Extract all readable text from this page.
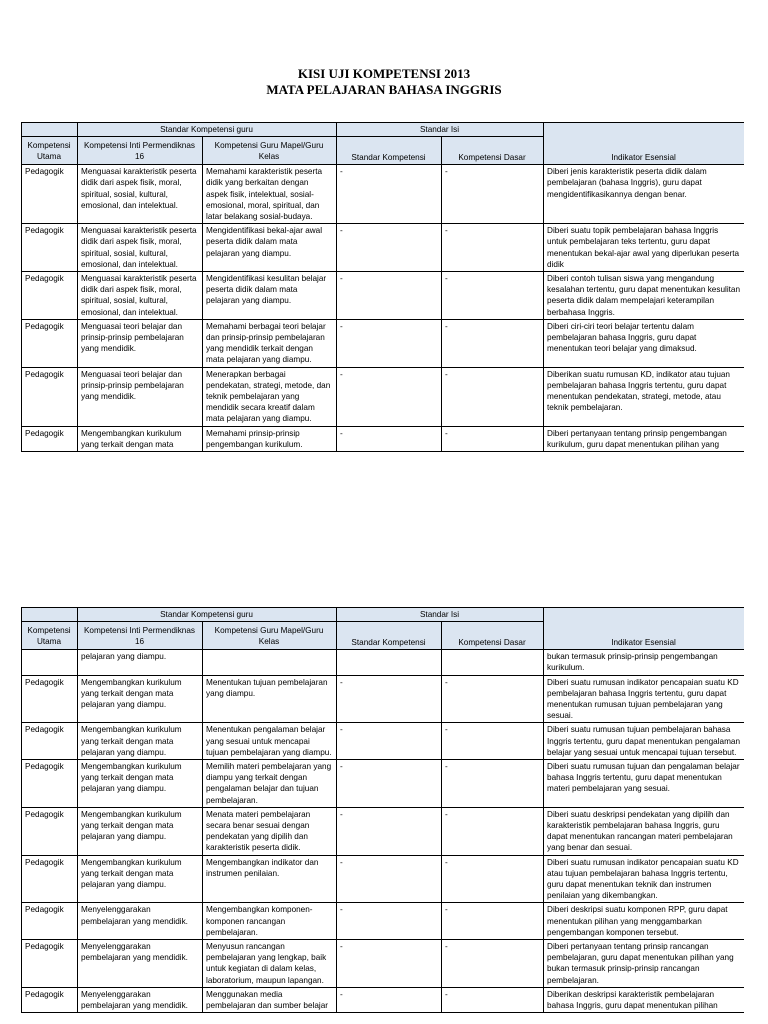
KISI UJI KOMPETENSI 2013
MATA PELAJARAN BAHASA INGGRIS
	Standar Kompetensi guru		Standar Isi		Indikator Esensial
Kompetensi Utama	Kompetensi Inti Permendiknas 16	Kompetensi Guru Mapel/Guru Kelas	Standar Kompetensi	Kompetensi Dasar	
Pedagogik	Menguasai karakteristik peserta didik dari aspek fisik, moral, spiritual, sosial, kultural, emosional, dan intelektual.	Memahami karakteristik peserta didik yang berkaitan dengan aspek fisik, intelektual, sosial-emosional, moral, spiritual, dan latar belakang sosial-budaya.	-	-	Diberi jenis karakteristik peserta didik dalam pembelajaran (bahasa Inggris), guru dapat mengidentifikasikannya dengan benar.
Pedagogik	Menguasai karakteristik peserta didik dari aspek fisik, moral, spiritual, sosial, kultural, emosional, dan intelektual.	Mengidentifikasi bekal-ajar awal peserta didik dalam mata pelajaran yang diampu.	-	-	Diberi suatu topik pembelajaran bahasa Inggris untuk pembelajaran teks tertentu, guru dapat menentukan bekal-ajar awal yang diperlukan peserta didik
Pedagogik	Menguasai karakteristik peserta didik dari aspek fisik, moral, spiritual, sosial, kultural, emosional, dan intelektual.	Mengidentifikasi kesulitan belajar peserta didik dalam mata pelajaran yang diampu.	-	-	Diberi contoh tulisan siswa yang mengandung kesalahan tertentu, guru dapat menentukan kesulitan peserta didik dalam mempelajari keterampilan berbahasa Inggris.
Pedagogik	Menguasai teori belajar dan prinsip-prinsip pembelajaran yang mendidik.	Memahami berbagai teori belajar dan prinsip-prinsip pembelajaran yang mendidik terkait dengan mata pelajaran yang diampu.	-	-	Diberi ciri-ciri teori belajar tertentu dalam pembelajaran bahasa Inggris, guru dapat menentukan teori belajar yang dimaksud.
Pedagogik	Menguasai teori belajar dan prinsip-prinsip pembelajaran yang mendidik.	Menerapkan berbagai pendekatan, strategi, metode, dan teknik pembelajaran yang mendidik secara kreatif dalam mata pelajaran yang diampu.	-	-	Diberikan suatu rumusan KD, indikator atau tujuan pembelajaran bahasa Inggris tertentu, guru dapat menentukan pendekatan, strategi, metode, atau teknik pembelajaran.
Pedagogik	Mengembangkan kurikulum yang terkait dengan mata	Memahami prinsip-prinsip pengembangan kurikulum.	-	-	Diberi pertanyaan tentang prinsip pengembangan kurikulum, guru dapat menentukan pilihan yang
	Standar Kompetensi guru		Standar Isi		Indikator Esensial
Kompetensi Utama	Kompetensi Inti Permendiknas 16	Kompetensi Guru Mapel/Guru Kelas	Standar Kompetensi	Kompetensi Dasar	
	pelajaran yang diampu.				bukan termasuk prinsip-prinsip pengembangan kurikulum.
Pedagogik	Mengembangkan kurikulum yang terkait dengan mata pelajaran yang diampu.	Menentukan tujuan pembelajaran yang diampu.	-	-	Diberi suatu rumusan indikator pencapaian suatu KD pembelajaran bahasa Inggris tertentu, guru dapat menentukan rumusan tujuan pembelajaran yang sesuai.
Pedagogik	Mengembangkan kurikulum yang terkait dengan mata pelajaran yang diampu.	Menentukan pengalaman belajar yang sesuai untuk mencapai tujuan pembelajaran yang diampu.	-	-	Diberi suatu rumusan tujuan pembelajaran bahasa Inggris tertentu, guru dapat menentukan pengalaman belajar yang sesuai untuk mencapai tujuan tersebut.
Pedagogik	Mengembangkan kurikulum yang terkait dengan mata pelajaran yang diampu.	Memilih materi pembelajaran yang diampu yang terkait dengan pengalaman belajar dan tujuan pembelajaran.	-	-	Diberi suatu rumusan tujuan dan pengalaman belajar bahasa Inggris tertentu, guru dapat menentukan materi pembelajaran yang sesuai.
Pedagogik	Mengembangkan kurikulum yang terkait dengan mata pelajaran yang diampu.	Menata materi pembelajaran secara benar sesuai dengan pendekatan yang dipilih dan karakteristik peserta didik.	-	-	Diberi suatu deskripsi pendekatan yang dipilih dan karakteristik pembelajaran bahasa Inggris, guru dapat menentukan rancangan materi pembelajaran yang benar dan sesuai.
Pedagogik	Mengembangkan kurikulum yang terkait dengan mata pelajaran yang diampu.	Mengembangkan indikator dan instrumen penilaian.	-	-	Diberi suatu rumusan indikator pencapaian suatu KD atau tujuan pembelajaran bahasa Inggris tertentu, guru dapat menentukan teknik dan instrumen penilaian yang dikembangkan.
Pedagogik	Menyelenggarakan pembelajaran yang mendidik.	Mengembangkan komponen-komponen rancangan pembelajaran.	-	-	Diberi deskripsi suatu komponen RPP, guru dapat menentukan pilihan yang menggambarkan pengembangan komponen tersebut.
Pedagogik	Menyelenggarakan pembelajaran yang mendidik.	Menyusun rancangan pembelajaran yang lengkap, baik untuk kegiatan di dalam kelas, laboratorium, maupun lapangan.	-	-	Diberi pertanyaan tentang prinsip rancangan pembelajaran, guru dapat menentukan pilihan yang bukan termasuk prinsip-prinsip rancangan pembelajaran.
Pedagogik	Menyelenggarakan pembelajaran yang mendidik.	Menggunakan media pembelajaran dan sumber belajar	-	-	Diberikan deskripsi karakteristik pembelajaran bahasa Inggris, guru dapat menentukan pilihan
